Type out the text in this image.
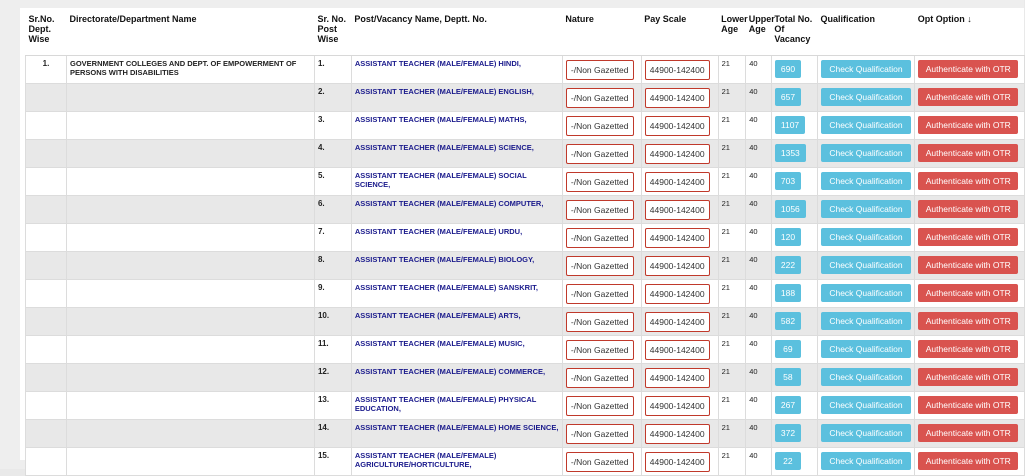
Sr.No. Dept. Wise	Directorate/Department Name	Sr. No. Post Wise	Post/Vacancy Name, Deptt. No.	Nature	Pay Scale	Lower Age	Upper Age	Total No. Of Vacancy	Qualification	Opt Option ↓
1.	GOVERNMENT COLLEGES AND DEPT. OF EMPOWERMENT OF PERSONS WITH DISABILITIES	1.	ASSISTANT TEACHER (MALE/FEMALE) HINDI,	-/Non Gazetted	44900-142400	21	40	690	Check Qualification	Authenticate with OTR
		2.	ASSISTANT TEACHER (MALE/FEMALE) ENGLISH,	-/Non Gazetted	44900-142400	21	40	657	Check Qualification	Authenticate with OTR
		3.	ASSISTANT TEACHER (MALE/FEMALE) MATHS,	-/Non Gazetted	44900-142400	21	40	1107	Check Qualification	Authenticate with OTR
		4.	ASSISTANT TEACHER (MALE/FEMALE) SCIENCE,	-/Non Gazetted	44900-142400	21	40	1353	Check Qualification	Authenticate with OTR
		5.	ASSISTANT TEACHER (MALE/FEMALE) SOCIAL SCIENCE,	-/Non Gazetted	44900-142400	21	40	703	Check Qualification	Authenticate with OTR
		6.	ASSISTANT TEACHER (MALE/FEMALE) COMPUTER,	-/Non Gazetted	44900-142400	21	40	1056	Check Qualification	Authenticate with OTR
		7.	ASSISTANT TEACHER (MALE/FEMALE) URDU,	-/Non Gazetted	44900-142400	21	40	120	Check Qualification	Authenticate with OTR
		8.	ASSISTANT TEACHER (MALE/FEMALE) BIOLOGY,	-/Non Gazetted	44900-142400	21	40	222	Check Qualification	Authenticate with OTR
		9.	ASSISTANT TEACHER (MALE/FEMALE) SANSKRIT,	-/Non Gazetted	44900-142400	21	40	188	Check Qualification	Authenticate with OTR
		10.	ASSISTANT TEACHER (MALE/FEMALE) ARTS,	-/Non Gazetted	44900-142400	21	40	582	Check Qualification	Authenticate with OTR
		11.	ASSISTANT TEACHER (MALE/FEMALE) MUSIC,	-/Non Gazetted	44900-142400	21	40	69	Check Qualification	Authenticate with OTR
		12.	ASSISTANT TEACHER (MALE/FEMALE) COMMERCE,	-/Non Gazetted	44900-142400	21	40	58	Check Qualification	Authenticate with OTR
		13.	ASSISTANT TEACHER (MALE/FEMALE) PHYSICAL EDUCATION,	-/Non Gazetted	44900-142400	21	40	267	Check Qualification	Authenticate with OTR
		14.	ASSISTANT TEACHER (MALE/FEMALE) HOME SCIENCE,	-/Non Gazetted	44900-142400	21	40	372	Check Qualification	Authenticate with OTR
		15.	ASSISTANT TEACHER (MALE/FEMALE) AGRICULTURE/HORTICULTURE,	-/Non Gazetted	44900-142400	21	40	22	Check Qualification	Authenticate with OTR
